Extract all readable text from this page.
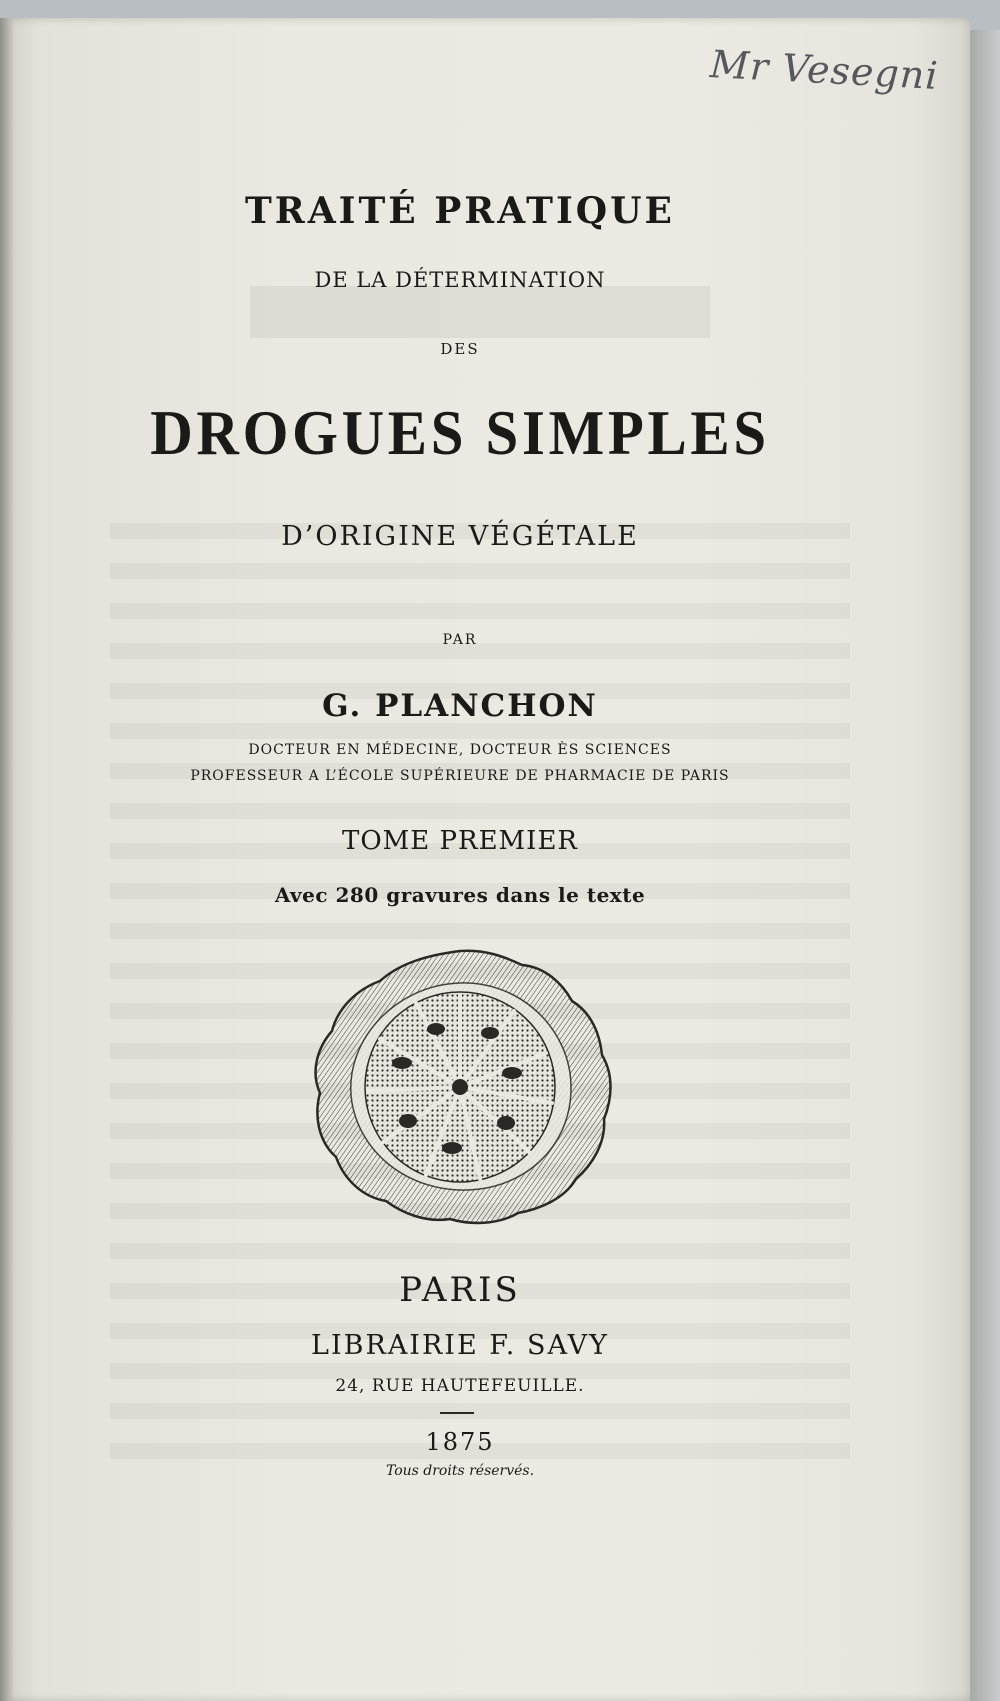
Mr Vesegni
TRAITÉ PRATIQUE
DE LA DÉTERMINATION
DES
DROGUES SIMPLES
D’ORIGINE VÉGÉTALE
PAR
G. PLANCHON
DOCTEUR EN MÉDECINE, DOCTEUR ÈS SCIENCES
PROFESSEUR A L’ÉCOLE SUPÉRIEURE DE PHARMACIE DE PARIS
TOME PREMIER
Avec 280 gravures dans le texte
PARIS
LIBRAIRIE F. SAVY
24, RUE HAUTEFEUILLE.
1875
Tous droits réservés.
